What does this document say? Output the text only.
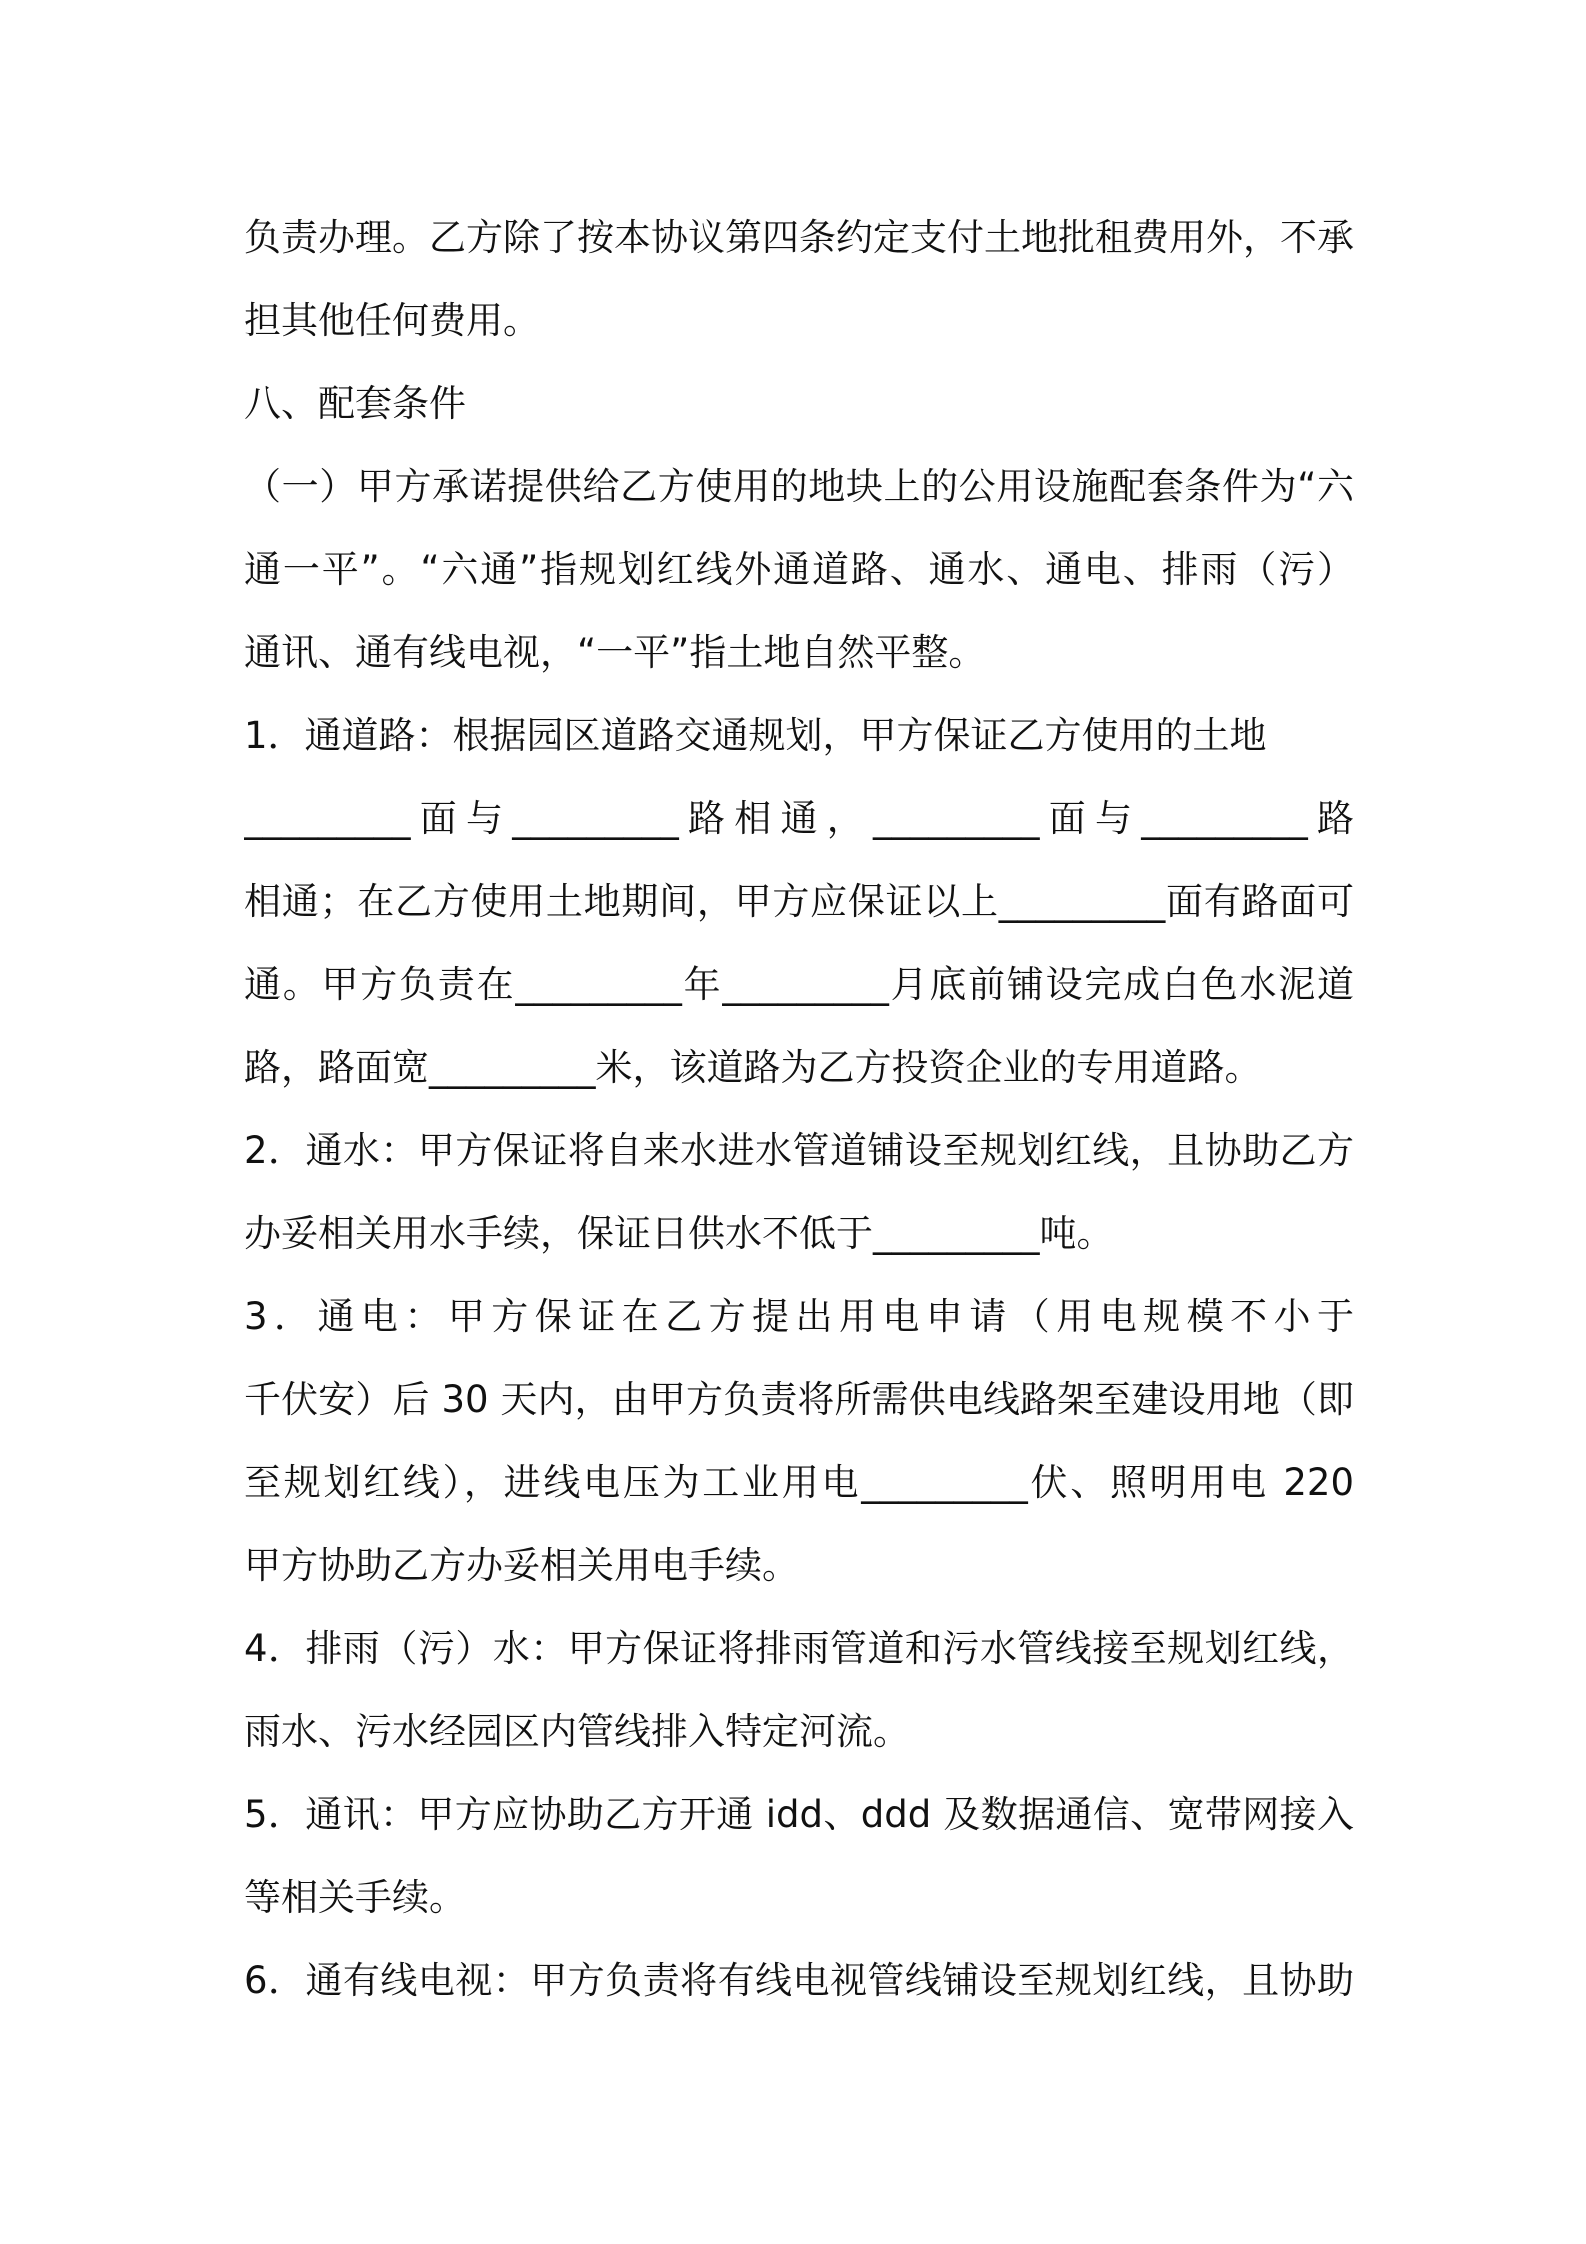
负责办理。乙方除了按本协议第四条约定支付土地批租费用外，不承
担其他任何费用。
八、配套条件
（一）甲方承诺提供给乙方使用的地块上的公用设施配套条件为“六
通一平”。“六通”指规划红线外通道路、通水、通电、排雨（污）
通讯、通有线电视，“一平”指土地自然平整。
1．通道路：根据园区道路交通规划，甲方保证乙方使用的土地
_________面与_________路相通，_________面与_________路
相通；在乙方使用土地期间，甲方应保证以上_________面有路面可
通。甲方负责在_________年_________月底前铺设完成白色水泥道
路，路面宽_________米，该道路为乙方投资企业的专用道路。
2．通水：甲方保证将自来水进水管道铺设至规划红线，且协助乙方
办妥相关用水手续，保证日供水不低于_________吨。
3．通电：甲方保证在乙方提出用电申请（用电规模不小于
千伏安）后 30 天内，由甲方负责将所需供电线路架至建设用地（即
至规划红线），进线电压为工业用电_________伏、照明用电 220
甲方协助乙方办妥相关用电手续。
4．排雨（污）水：甲方保证将排雨管道和污水管线接至规划红线，
雨水、污水经园区内管线排入特定河流。
5．通讯：甲方应协助乙方开通 idd、ddd 及数据通信、宽带网接入
等相关手续。
6．通有线电视：甲方负责将有线电视管线铺设至规划红线，且协助
